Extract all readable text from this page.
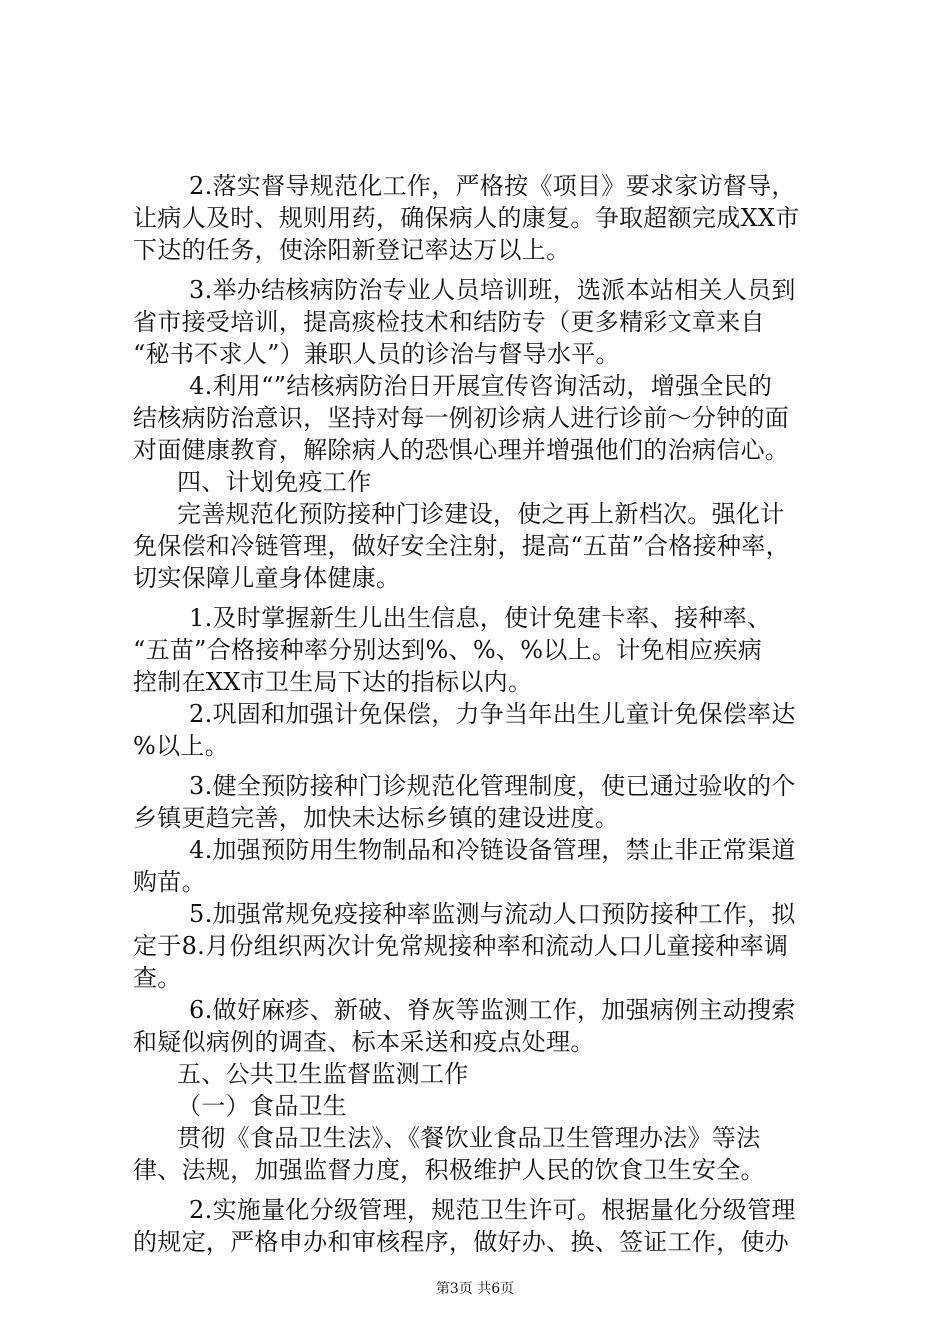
2.落实督导规范化工作，严格按《项目》要求家访督导，
让病人及时、规则用药，确保病人的康复。争取超额完成XX市
下达的任务，使涂阳新登记率达万以上。
3.举办结核病防治专业人员培训班，选派本站相关人员到
省市接受培训，提高痰检技术和结防专（更多精彩文章来自
“秘书不求人”）兼职人员的诊治与督导水平。
4.利用“”结核病防治日开展宣传咨询活动，增强全民的
结核病防治意识，坚持对每一例初诊病人进行诊前～分钟的面
对面健康教育，解除病人的恐惧心理并增强他们的治病信心。
四、计划免疫工作
完善规范化预防接种门诊建设，使之再上新档次。强化计
免保偿和冷链管理，做好安全注射，提高“五苗”合格接种率，
切实保障儿童身体健康。
1.及时掌握新生儿出生信息，使计免建卡率、接种率、
“五苗”合格接种率分别达到%、%、%以上。计免相应疾病
控制在XX市卫生局下达的指标以内。
2.巩固和加强计免保偿，力争当年出生儿童计免保偿率达
%以上。
3.健全预防接种门诊规范化管理制度，使已通过验收的个
乡镇更趋完善，加快未达标乡镇的建设进度。
4.加强预防用生物制品和冷链设备管理，禁止非正常渠道
购苗。
5.加强常规免疫接种率监测与流动人口预防接种工作，拟
定于8.月份组织两次计免常规接种率和流动人口儿童接种率调
查。
6.做好麻疹、新破、脊灰等监测工作，加强病例主动搜索
和疑似病例的调查、标本采送和疫点处理。
五、公共卫生监督监测工作
（一）食品卫生
贯彻《食品卫生法》、《餐饮业食品卫生管理办法》等法
律、法规，加强监督力度，积极维护人民的饮食卫生安全。
2.实施量化分级管理，规范卫生许可。根据量化分级管理
的规定，严格申办和审核程序，做好办、换、签证工作，使办
第3页 共6页
